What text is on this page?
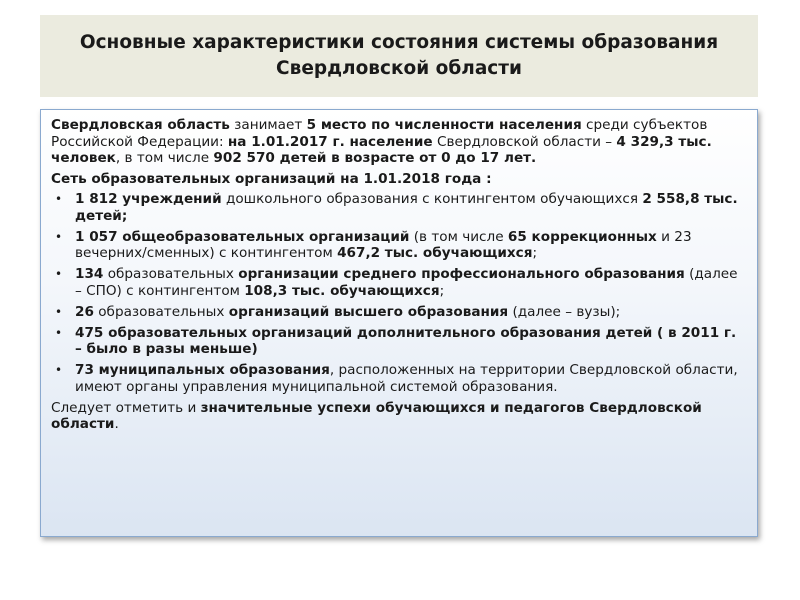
Основные характеристики состояния системы образования
Свердловской области

Свердловская область занимает 5 место по численности населения среди субъектов Российской Федерации: на 1.01.2017 г. население Свердловской области – 4 329,3 тыс. человек, в том числе 902 570 детей в возрасте от 0 до 17 лет.

Сеть образовательных организаций на 1.01.2018 года :

• 1 812 учреждений дошкольного образования с контингентом обучающихся 2 558,8 тыс. детей;
• 1 057 общеобразовательных организаций (в том числе 65 коррекционных и 23 вечерних/сменных) с контингентом 467,2 тыс. обучающихся;
• 134 образовательных организации среднего профессионального образования (далее – СПО) с контингентом 108,3 тыс. обучающихся;
• 26 образовательных организаций высшего образования (далее – вузы);
• 475 образовательных организаций дополнительного образования детей ( в 2011 г. – было в разы меньше)
• 73 муниципальных образования, расположенных на территории Свердловской области, имеют органы управления муниципальной системой образования.

Следует отметить и значительные успехи обучающихся и педагогов Свердловской области.
